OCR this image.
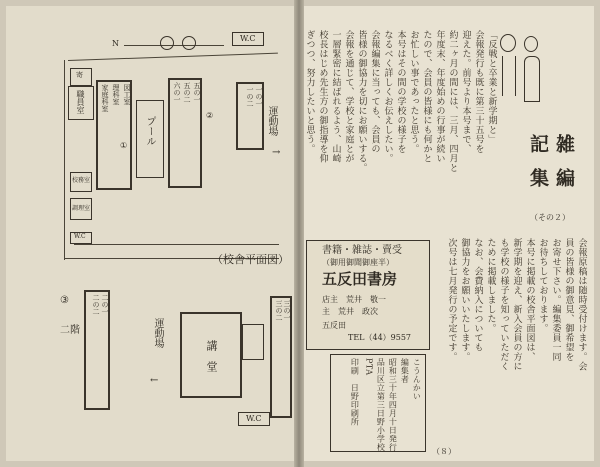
N
W.C
寄
職員室	図工室
理科室
家庭科室
①
五の一
五の二
六の一
プール
②
一の一
一の二
運動場
→
校務室
調理室
W.C
（校舎平面図）
③
二階
二の一
二の二
運動場
←	講堂
W.C
三の一
三の二
雑 編
記 集
（その２）
「反戦と卒業と新学期と」
会報発行も既に第三十五号を
迎えた。前号より本号まで、
約二ヶ月の間には、三月、四月と
年度末、年度始めの行事が続い
たので、会員の皆様にも何かと
お忙しい事であったと思う。
本号はその間の学校の様子を
なるべく詳しくお伝えしたい。
会報編集に当っても、会員の
皆様の御協力を切にお願いする。
会報を通じて、学校と家庭とが
一層緊密に結ばれるよう、山崎
校長はじめ先生方の御指導を仰
ぎつつ、努力したいと思う。
会報原稿は随時受付けます。会
員の皆様の御意見、御希望を
お寄せ下さい。編集委員一同
お待ちしております。
本号に掲載の校舎平面図は、
新学期を迎え、新入会員の方に
も学校の様子を知っていただく
ために掲載しました。
なお、会費納入についても
御協力をお願いいたします。
次号は七月発行の予定です。
書籍・雑誌・賣受
（御用御聞御座半）
五反田書房
店主　荒井　敬一
主　荒井　政次
五反田
TEL（44）9557
こうんかい
編集者
昭和三十年四月十日発行
品川区立第三日野小学校
PTA
印刷　日野印刷所
（８）
